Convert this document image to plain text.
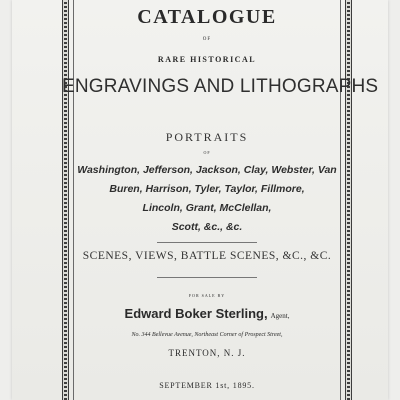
CATALOGUE
OF
RARE HISTORICAL
ENGRAVINGS AND LITHOGRAPHS
PORTRAITS
OF
Washington, Jefferson, Jackson, Clay, Webster, Van
Buren, Harrison, Tyler, Taylor, Fillmore,
Lincoln, Grant, McClellan,
Scott, &c., &c.
SCENES, VIEWS, BATTLE SCENES, &C., &C.
FOR SALE BY
Edward Boker Sterling, Agent,
No. 344 Bellevue Avenue, Northeast Corner of Prospect Street,
TRENTON, N. J.
SEPTEMBER 1st, 1895.
